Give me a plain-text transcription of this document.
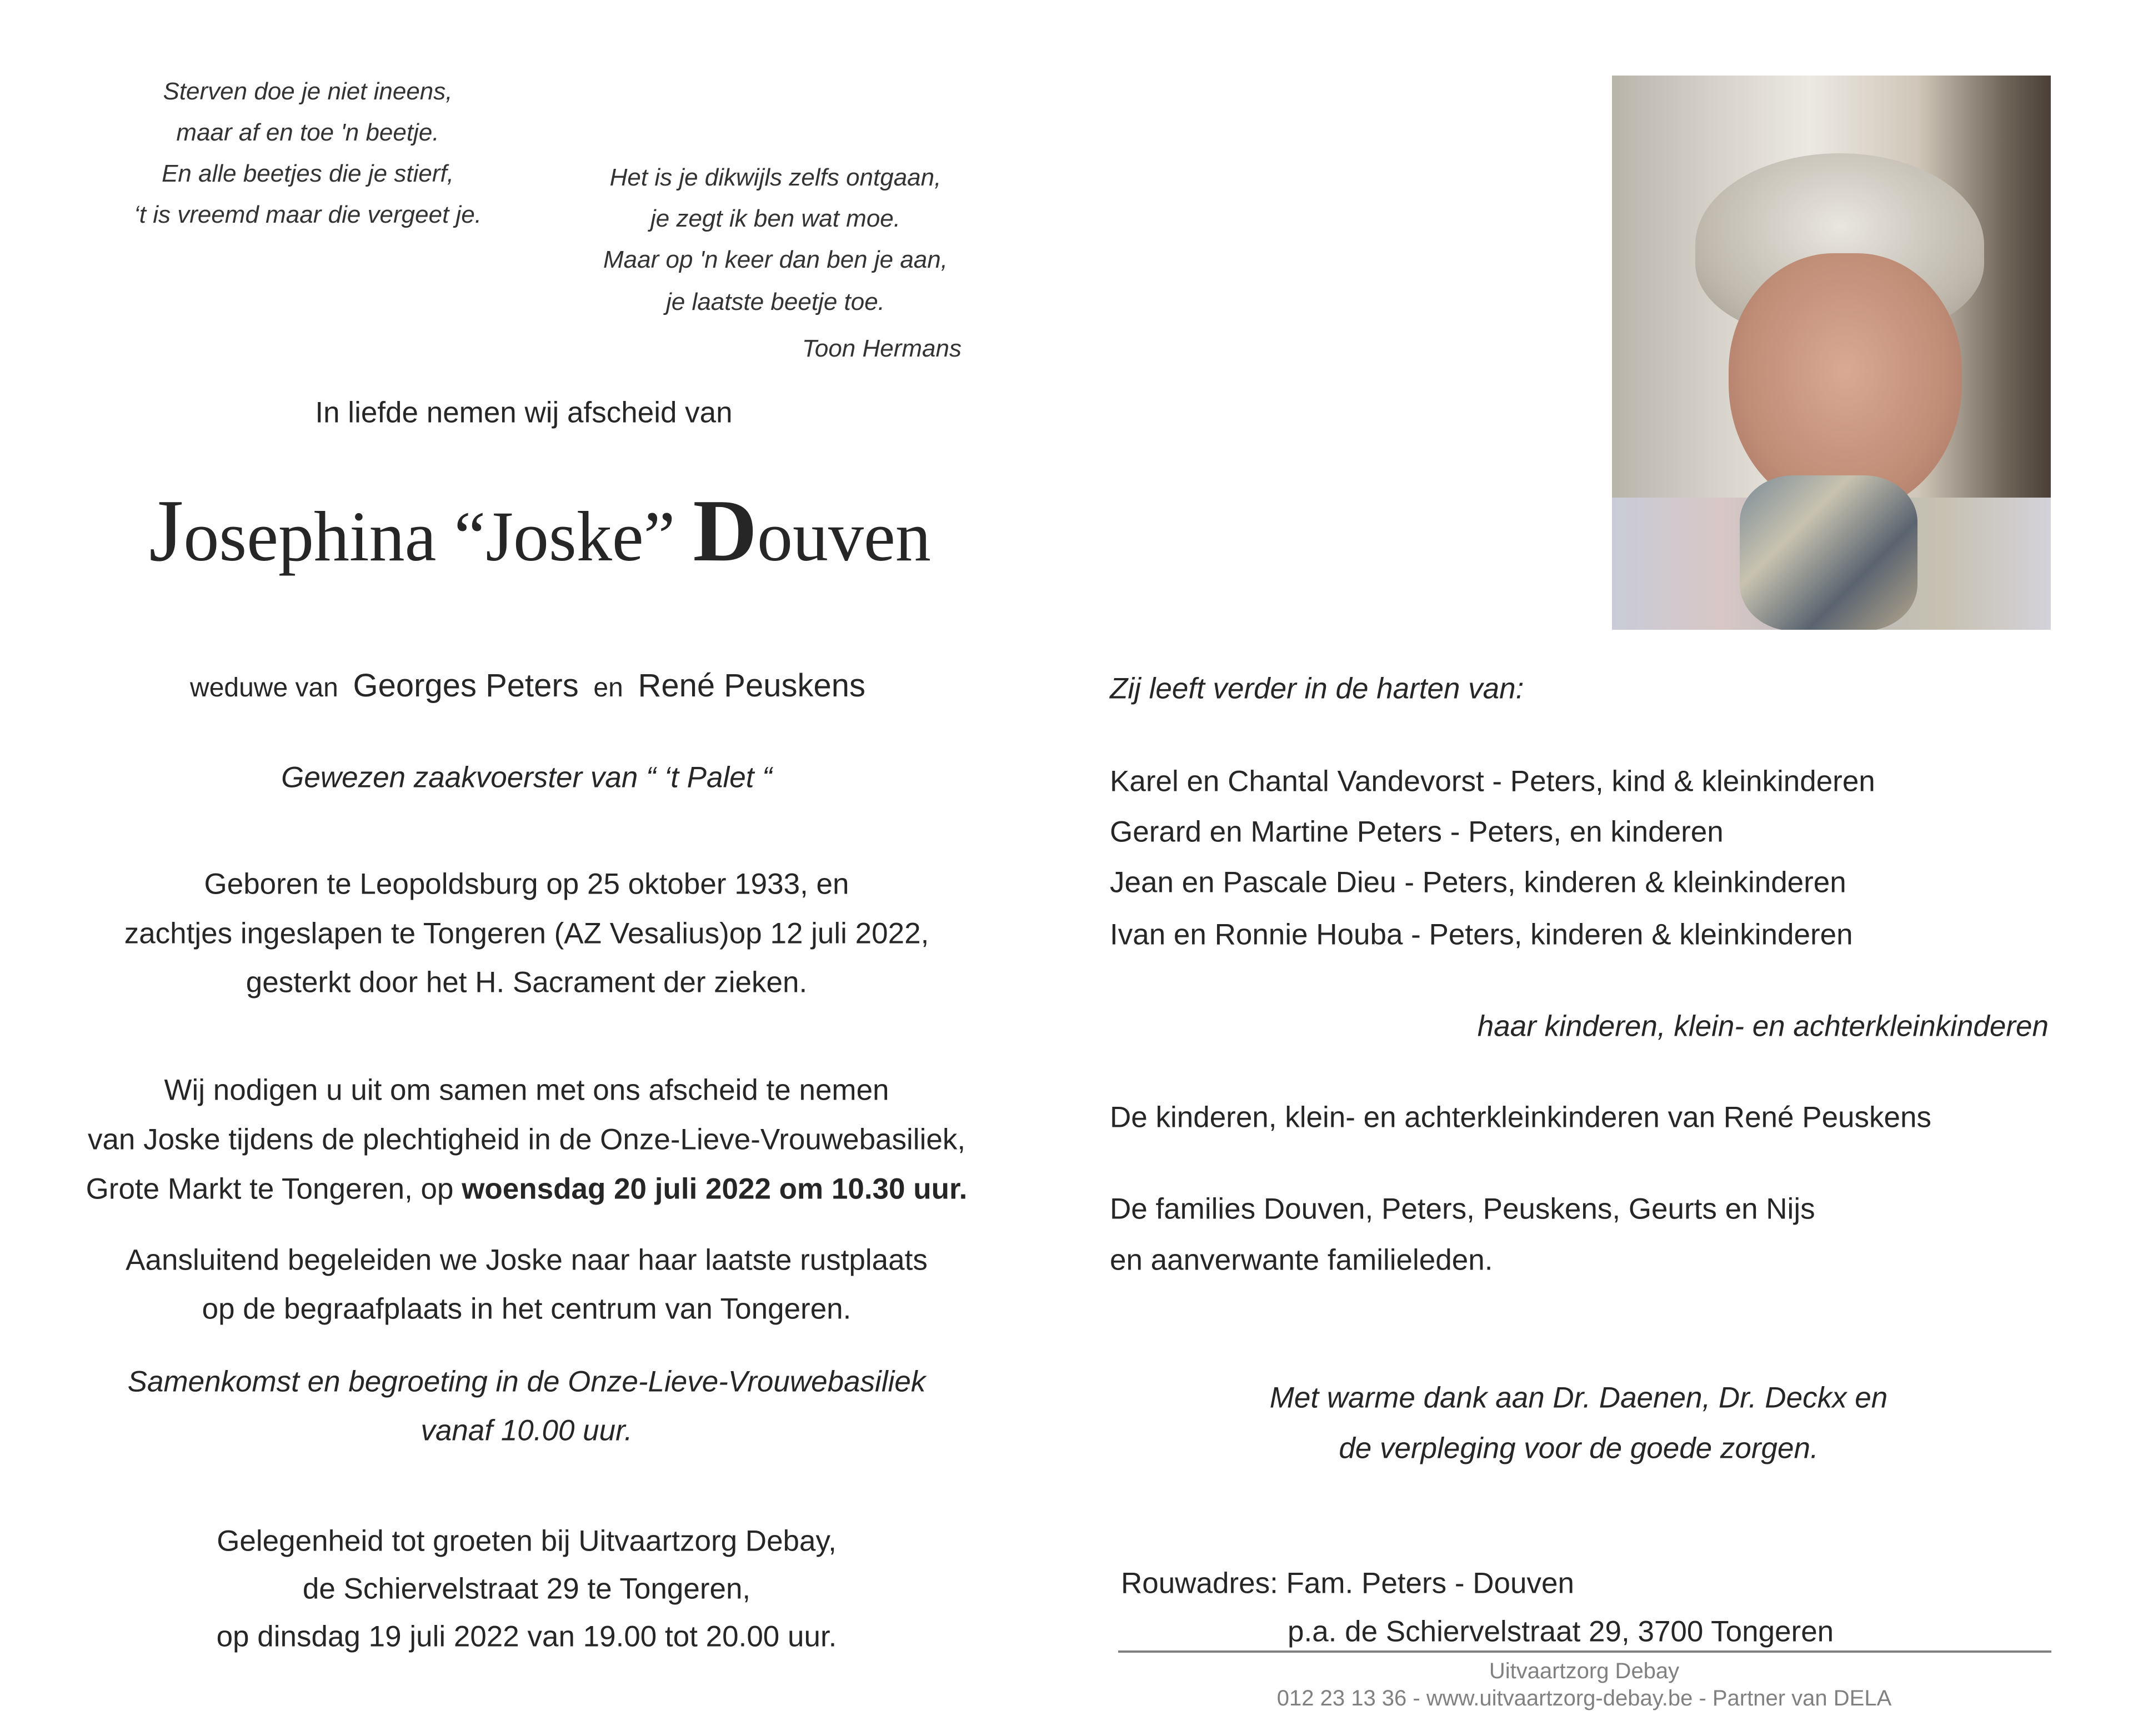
Sterven doe je niet ineens,
maar af en toe 'n beetje.
En alle beetjes die je stierf,
‘t is vreemd maar die vergeet je.
Het is je dikwijls zelfs ontgaan,
je zegt ik ben wat moe.
Maar op 'n keer dan ben je aan,
je laatste beetje toe.
Toon Hermans
In liefde nemen wij afscheid van
Josephina “Joske” Douven
weduwe van Georges Peters en René Peuskens
Gewezen zaakvoerster van “ ‘t Palet “
Geboren te Leopoldsburg op 25 oktober 1933, en
zachtjes ingeslapen te Tongeren (AZ Vesalius)op 12 juli 2022,
gesterkt door het H. Sacrament der zieken.
Wij nodigen u uit om samen met ons afscheid te nemen
van Joske tijdens de plechtigheid in de Onze-Lieve-Vrouwebasiliek,
Grote Markt te Tongeren, op woensdag 20 juli 2022 om 10.30 uur.
Aansluitend begeleiden we Joske naar haar laatste rustplaats
op de begraafplaats in het centrum van Tongeren.
Samenkomst en begroeting in de Onze-Lieve-Vrouwebasiliek
vanaf 10.00 uur.
Gelegenheid tot groeten bij Uitvaartzorg Debay,
de Schiervelstraat 29 te Tongeren,
op dinsdag 19 juli 2022 van 19.00 tot 20.00 uur.
Zij leeft verder in de harten van:
Karel en Chantal Vandevorst - Peters, kind & kleinkinderen
Gerard en Martine Peters - Peters, en kinderen
Jean en Pascale Dieu - Peters, kinderen & kleinkinderen
Ivan en Ronnie Houba - Peters, kinderen & kleinkinderen
haar kinderen, klein- en achterkleinkinderen
De kinderen, klein- en achterkleinkinderen van René Peuskens
De families Douven, Peters, Peuskens, Geurts en Nijs
en aanverwante familieleden.
Met warme dank aan Dr. Daenen, Dr. Deckx en
de verpleging voor de goede zorgen.
Rouwadres: Fam. Peters - Douven
p.a. de Schiervelstraat 29, 3700 Tongeren
Uitvaartzorg Debay
012 23 13 36 - www.uitvaartzorg-debay.be - Partner van DELA
